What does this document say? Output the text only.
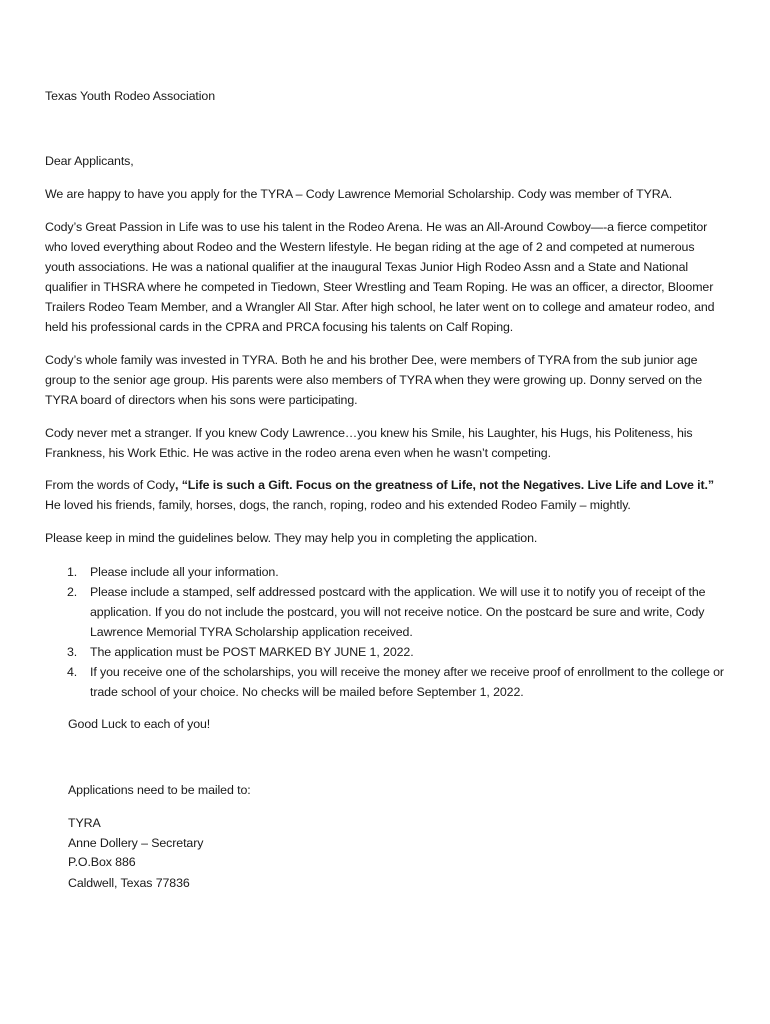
Texas Youth Rodeo Association
Dear Applicants,
We are happy to have you apply for the TYRA – Cody Lawrence Memorial Scholarship. Cody was member of TYRA.
Cody’s Great Passion in Life was to use his talent in the Rodeo Arena. He was an All-Around Cowboy—-a fierce competitor who loved everything about Rodeo and the Western lifestyle. He began riding at the age of 2 and competed at numerous youth associations. He was a national qualifier at the inaugural Texas Junior High Rodeo Assn and a State and National qualifier in THSRA where he competed in Tiedown, Steer Wrestling and Team Roping. He was an officer, a director, Bloomer Trailers Rodeo Team Member, and a Wrangler All Star. After high school, he later went on to college and amateur rodeo, and held his professional cards in the CPRA and PRCA focusing his talents on Calf Roping.
Cody’s whole family was invested in TYRA. Both he and his brother Dee, were members of TYRA from the sub junior age group to the senior age group. His parents were also members of TYRA when they were growing up. Donny served on the TYRA board of directors when his sons were participating.
Cody never met a stranger. If you knew Cody Lawrence…you knew his Smile, his Laughter, his Hugs, his Politeness, his Frankness, his Work Ethic. He was active in the rodeo arena even when he wasn’t competing.
From the words of Cody, “Life is such a Gift. Focus on the greatness of Life, not the Negatives. Live Life and Love it.” He loved his friends, family, horses, dogs, the ranch, roping, rodeo and his extended Rodeo Family – mightly.
Please keep in mind the guidelines below. They may help you in completing the application.
1. Please include all your information.
2. Please include a stamped, self addressed postcard with the application. We will use it to notify you of receipt of the application. If you do not include the postcard, you will not receive notice. On the postcard be sure and write, Cody Lawrence Memorial TYRA Scholarship application received.
3. The application must be POST MARKED BY JUNE 1, 2022.
4. If you receive one of the scholarships, you will receive the money after we receive proof of enrollment to the college or trade school of your choice. No checks will be mailed before September 1, 2022.
Good Luck to each of you!
Applications need to be mailed to:
TYRA
Anne Dollery – Secretary
P.O.Box 886
Caldwell, Texas 77836
